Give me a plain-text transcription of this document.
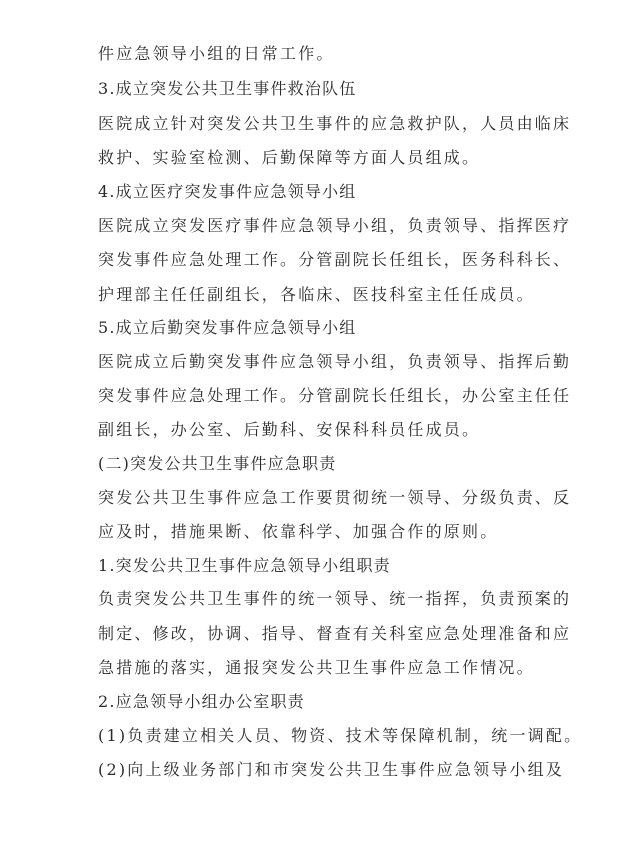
件应急领导小组的日常工作。
3.成立突发公共卫生事件救治队伍
医院成立针对突发公共卫生事件的应急救护队，人员由临床
救护、实验室检测、后勤保障等方面人员组成。
4.成立医疗突发事件应急领导小组
医院成立突发医疗事件应急领导小组，负责领导、指挥医疗
突发事件应急处理工作。分管副院长任组长，医务科科长、
护理部主任任副组长，各临床、医技科室主任任成员。
5.成立后勤突发事件应急领导小组
医院成立后勤突发事件应急领导小组，负责领导、指挥后勤
突发事件应急处理工作。分管副院长任组长，办公室主任任
副组长，办公室、后勤科、安保科科员任成员。
(二)突发公共卫生事件应急职责
突发公共卫生事件应急工作要贯彻统一领导、分级负责、反
应及时，措施果断、依靠科学、加强合作的原则。
1.突发公共卫生事件应急领导小组职责
负责突发公共卫生事件的统一领导、统一指挥，负责预案的
制定、修改，协调、指导、督查有关科室应急处理准备和应
急措施的落实，通报突发公共卫生事件应急工作情况。
2.应急领导小组办公室职责
(1)负责建立相关人员、物资、技术等保障机制，统一调配。
(2)向上级业务部门和市突发公共卫生事件应急领导小组及
